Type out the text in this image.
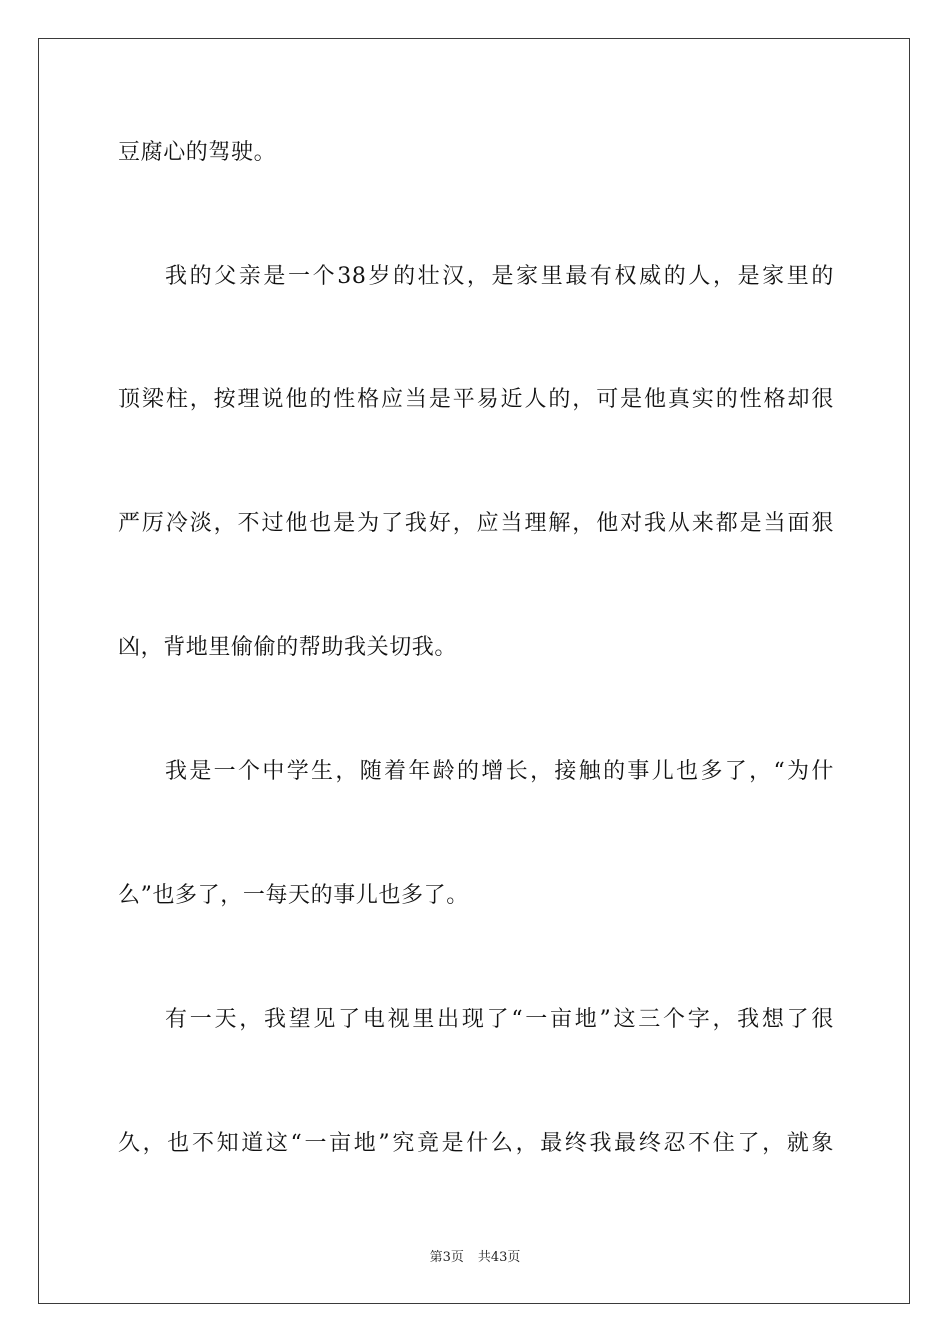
豆腐心的驾驶。
我的父亲是一个38岁的壮汉，是家里最有权威的人，是家里的
顶梁柱，按理说他的性格应当是平易近人的，可是他真实的性格却很
严厉冷淡，不过他也是为了我好，应当理解，他对我从来都是当面狠
凶，背地里偷偷的帮助我关切我。
我是一个中学生，随着年龄的增长，接触的事儿也多了，“为什
么”也多了，一每天的事儿也多了。
有一天，我望见了电视里出现了“一亩地”这三个字，我想了很
久，也不知道这“一亩地”究竟是什么，最终我最终忍不住了，就象
第3页 共43页
